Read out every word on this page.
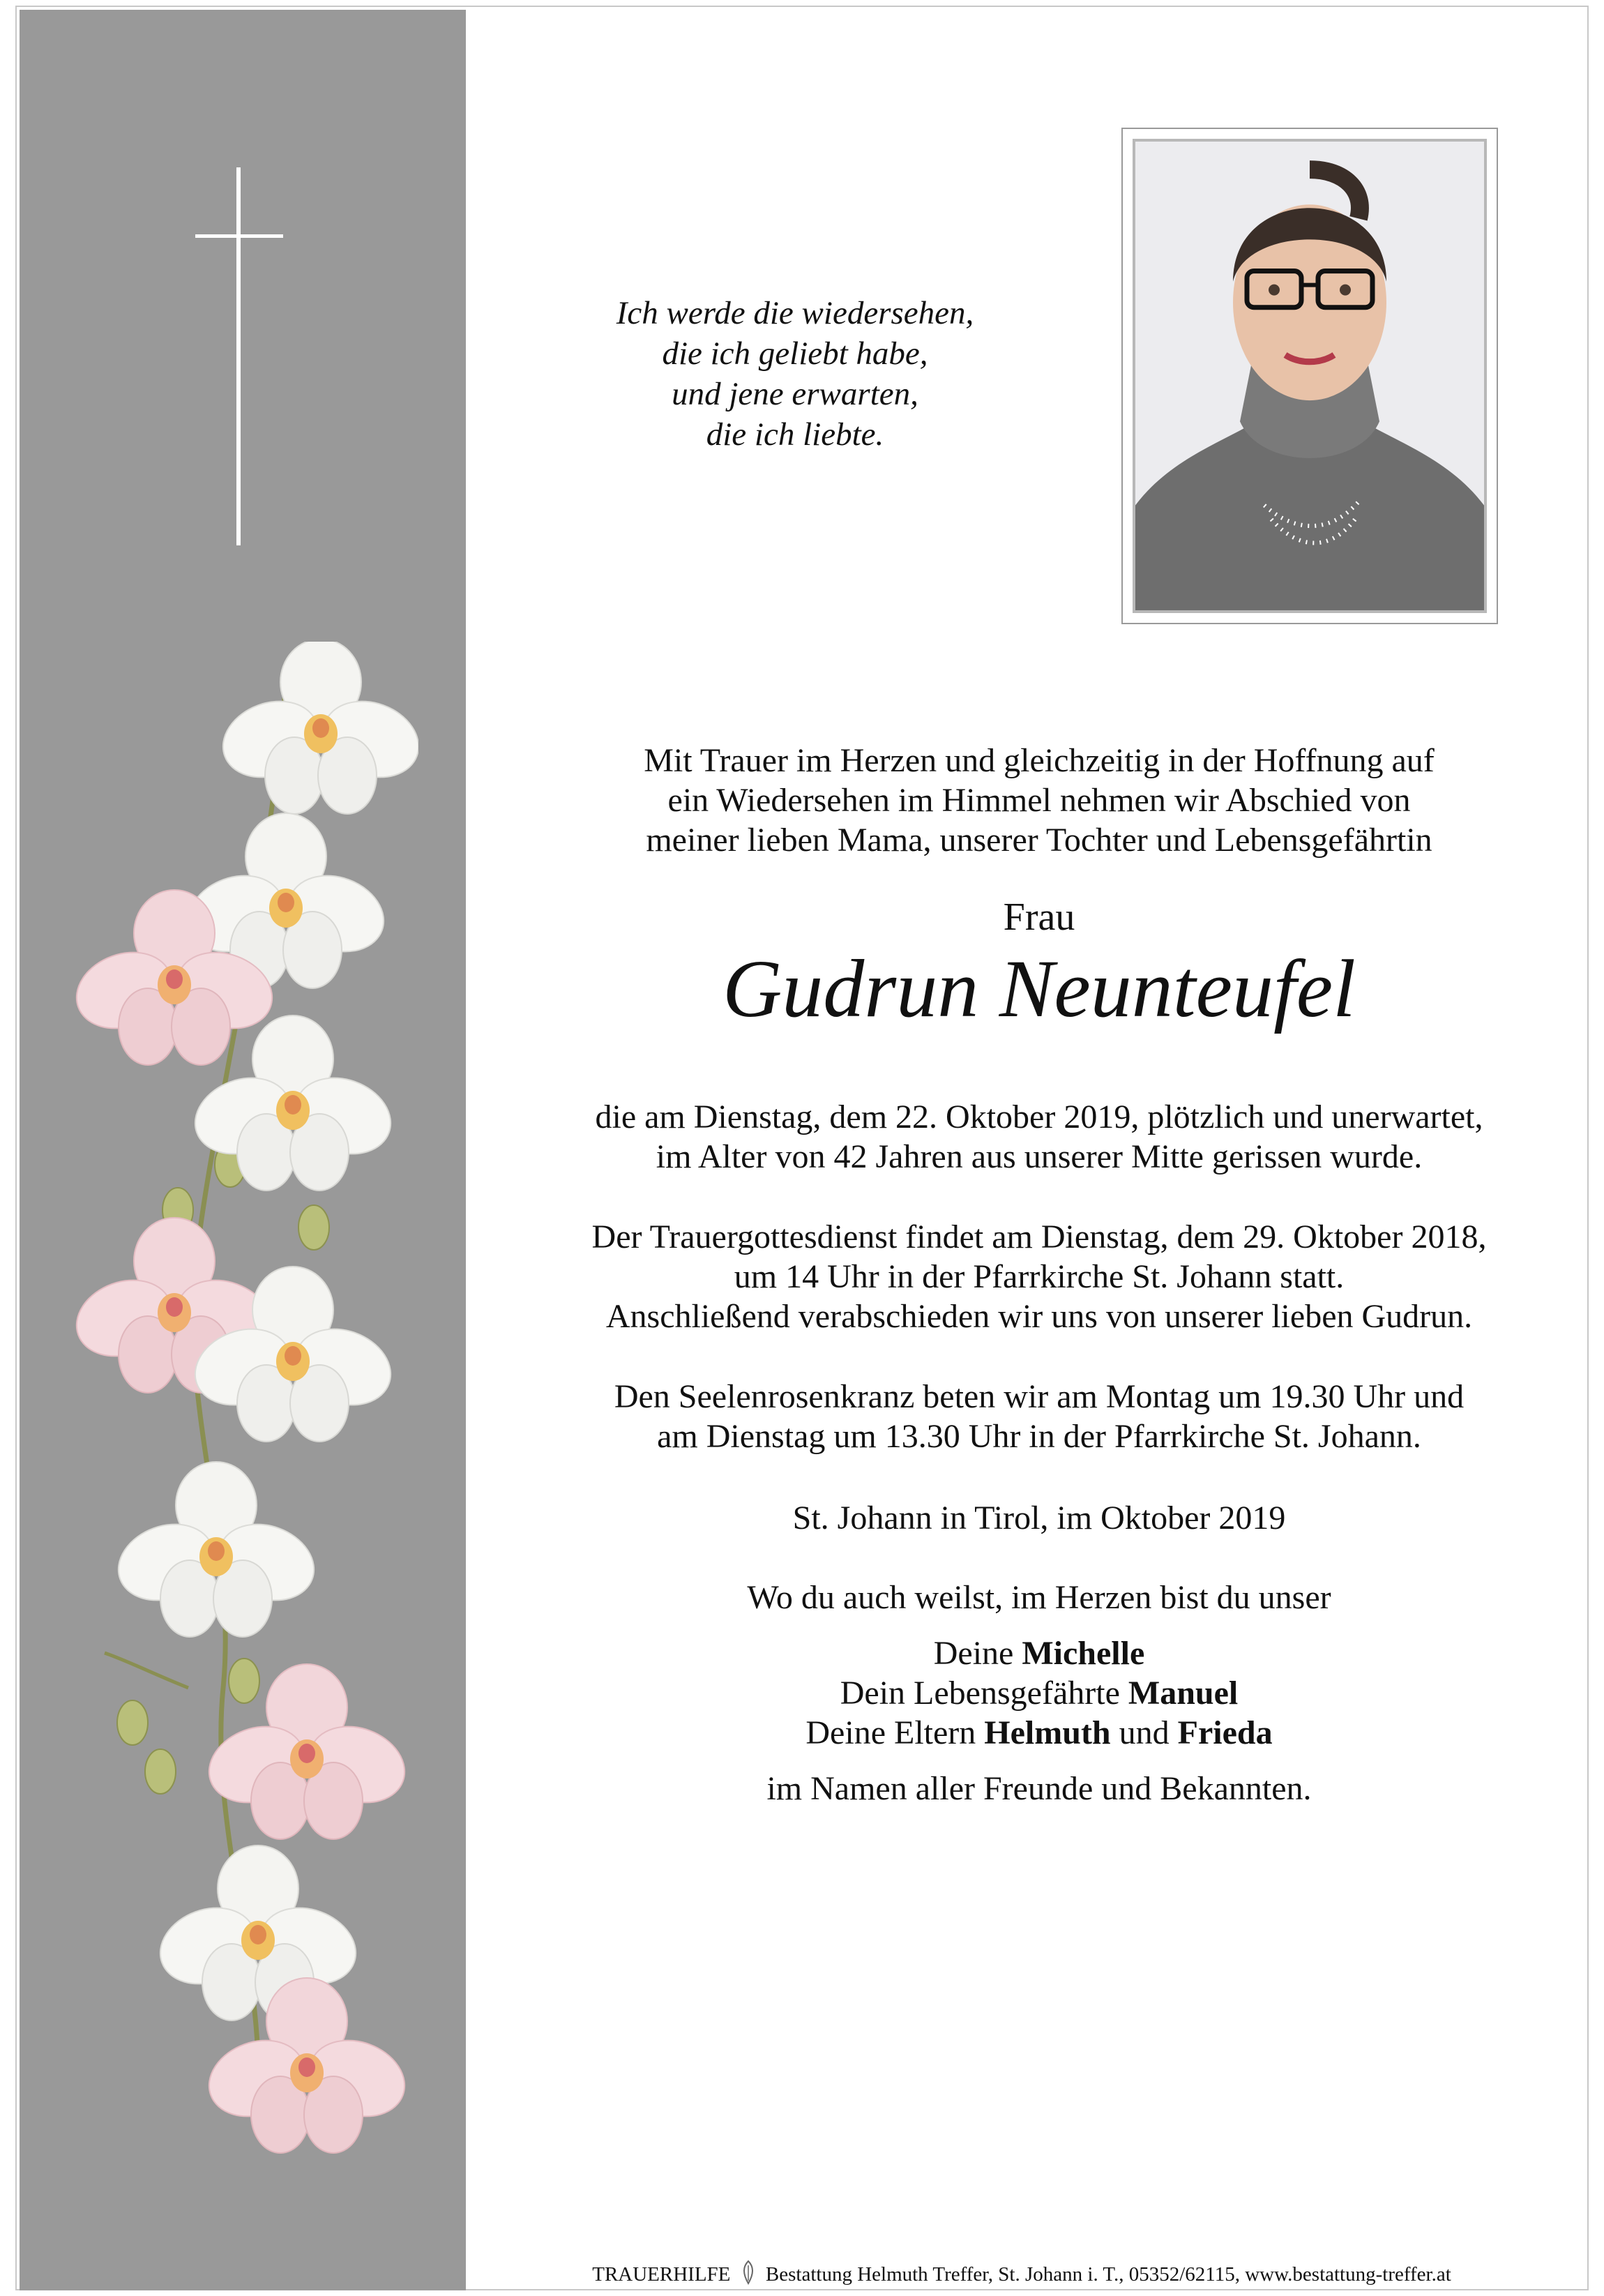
Ich werde die wiedersehen,
die ich geliebt habe,
und jene erwarten,
die ich liebte.
Mit Trauer im Herzen und gleichzeitig in der Hoffnung auf
ein Wiedersehen im Himmel nehmen wir Abschied von
meiner lieben Mama, unserer Tochter und Lebensgefährtin
Frau
Gudrun Neunteufel
die am Dienstag, dem 22. Oktober 2019, plötzlich und unerwartet,
im Alter von 42 Jahren aus unserer Mitte gerissen wurde.
Der Trauergottesdienst findet am Dienstag, dem 29. Oktober 2018,
um 14 Uhr in der Pfarrkirche St. Johann statt.
Anschließend verabschieden wir uns von unserer lieben Gudrun.
Den Seelenrosenkranz beten wir am Montag um 19.30 Uhr und
am Dienstag um 13.30 Uhr in der Pfarrkirche St. Johann.
St. Johann in Tirol, im Oktober 2019
Wo du auch weilst, im Herzen bist du unser
Deine Michelle
Dein Lebensgefährte Manuel
Deine Eltern Helmuth und Frieda
im Namen aller Freunde und Bekannten.
TRAUERHILFE Bestattung Helmuth Treffer, St. Johann i. T., 05352/62115, www.bestattung-treffer.at
